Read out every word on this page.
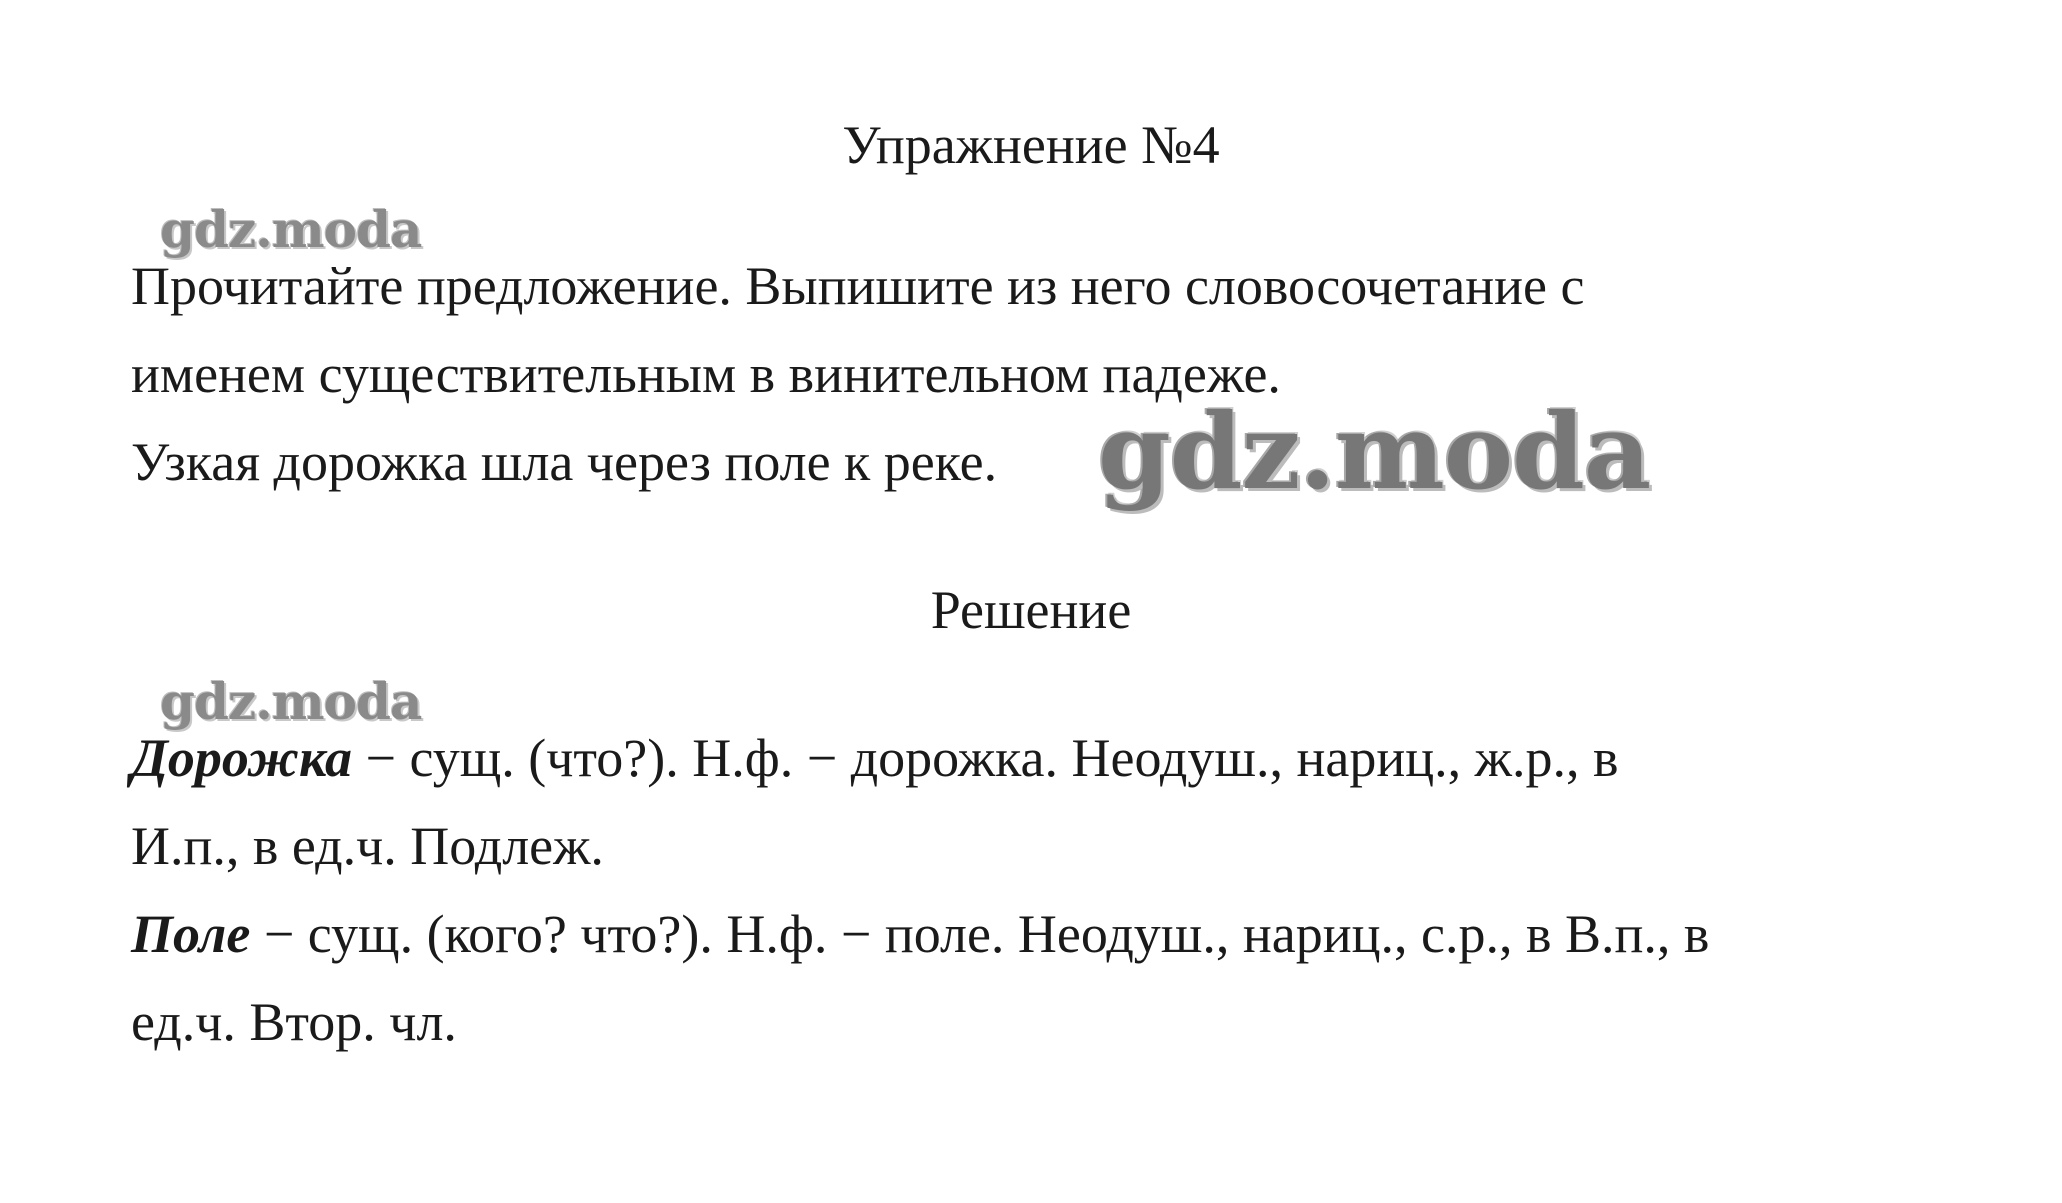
Упражнение №4
gdz.moda
Прочитайте предложение. Выпишите из него словосочетание с
именем существительным в винительном падеже.
Узкая дорожка шла через поле к реке. gdz.moda
Решение
gdz.moda
Дорожка − сущ. (что?). Н.ф. − дорожка. Неодуш., нариц., ж.р., в
И.п., в ед.ч. Подлеж.
Поле − сущ. (кого? что?). Н.ф. − поле. Неодуш., нариц., с.р., в В.п., в
ед.ч. Втор. чл.
